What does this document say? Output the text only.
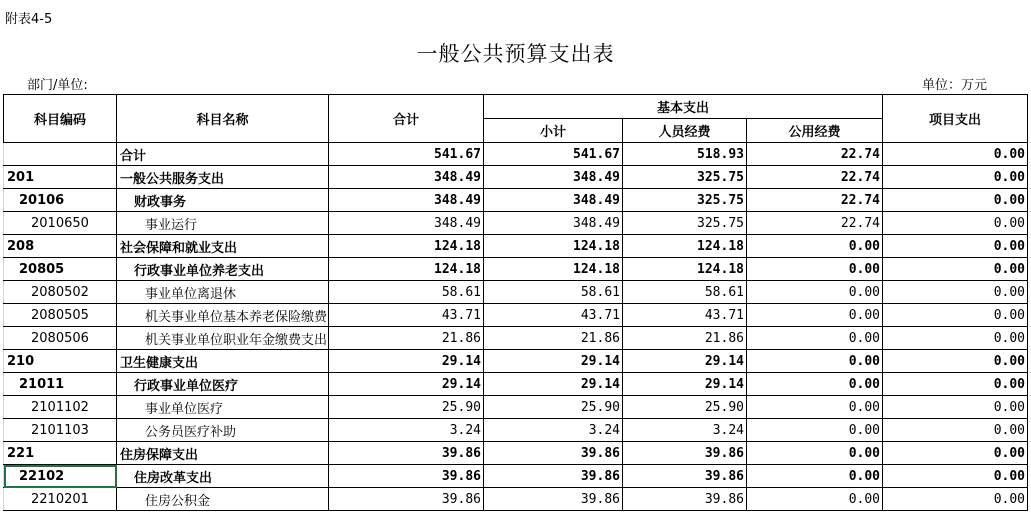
附表4-5
一般公共预算支出表
部门/单位:	单位：万元
科目编码	科目名称	合计	基本支出			项目支出
			小计	人员经费	公用经费	
	合计	541.67	541.67	518.93	22.74	0.00
201	一般公共服务支出	348.49	348.49	325.75	22.74	0.00
20106	财政事务	348.49	348.49	325.75	22.74	0.00
2010650	事业运行	348.49	348.49	325.75	22.74	0.00
208	社会保障和就业支出	124.18	124.18	124.18	0.00	0.00
20805	行政事业单位养老支出	124.18	124.18	124.18	0.00	0.00
2080502	事业单位离退休	58.61	58.61	58.61	0.00	0.00
2080505	机关事业单位基本养老保险缴费	43.71	43.71	43.71	0.00	0.00
2080506	机关事业单位职业年金缴费支出	21.86	21.86	21.86	0.00	0.00
210	卫生健康支出	29.14	29.14	29.14	0.00	0.00
21011	行政事业单位医疗	29.14	29.14	29.14	0.00	0.00
2101102	事业单位医疗	25.90	25.90	25.90	0.00	0.00
2101103	公务员医疗补助	3.24	3.24	3.24	0.00	0.00
221	住房保障支出	39.86	39.86	39.86	0.00	0.00
22102	住房改革支出	39.86	39.86	39.86	0.00	0.00
2210201	住房公积金	39.86	39.86	39.86	0.00	0.00
